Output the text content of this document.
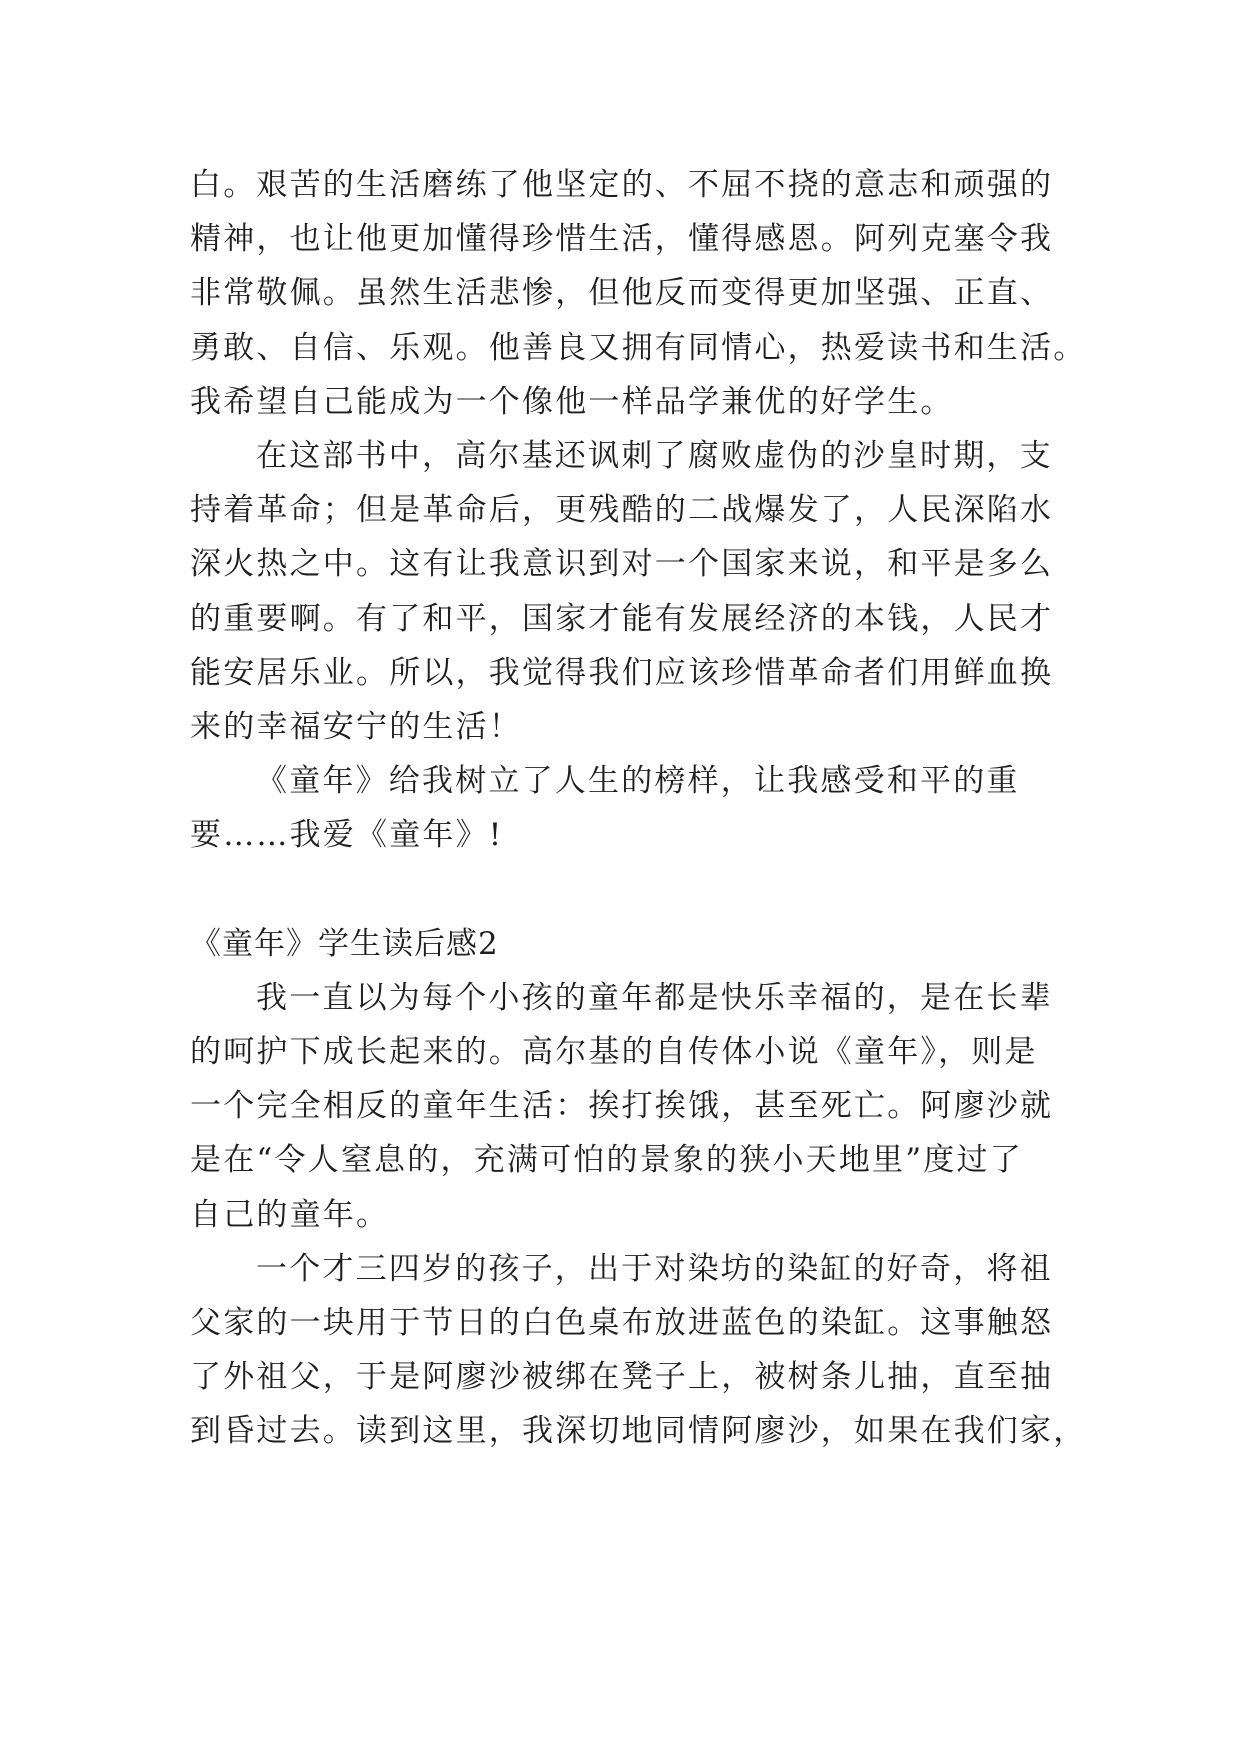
白。艰苦的生活磨练了他坚定的、不屈不挠的意志和顽强的
精神，也让他更加懂得珍惜生活，懂得感恩。阿列克塞令我
非常敬佩。虽然生活悲惨，但他反而变得更加坚强、正直、
勇敢、自信、乐观。他善良又拥有同情心，热爱读书和生活。
我希望自己能成为一个像他一样品学兼优的好学生。
在这部书中，高尔基还讽刺了腐败虚伪的沙皇时期，支
持着革命；但是革命后，更残酷的二战爆发了，人民深陷水
深火热之中。这有让我意识到对一个国家来说，和平是多么
的重要啊。有了和平，国家才能有发展经济的本钱，人民才
能安居乐业。所以，我觉得我们应该珍惜革命者们用鲜血换
来的幸福安宁的生活！
《童年》给我树立了人生的榜样，让我感受和平的重
要……我爱《童年》!
《童年》学生读后感2
我一直以为每个小孩的童年都是快乐幸福的，是在长辈
的呵护下成长起来的。高尔基的自传体小说《童年》，则是
一个完全相反的童年生活：挨打挨饿，甚至死亡。阿廖沙就
是在“令人窒息的，充满可怕的景象的狭小天地里”度过了
自己的童年。
一个才三四岁的孩子，出于对染坊的染缸的好奇，将祖
父家的一块用于节日的白色桌布放进蓝色的染缸。这事触怒
了外祖父，于是阿廖沙被绑在凳子上，被树条儿抽，直至抽
到昏过去。读到这里，我深切地同情阿廖沙，如果在我们家，
